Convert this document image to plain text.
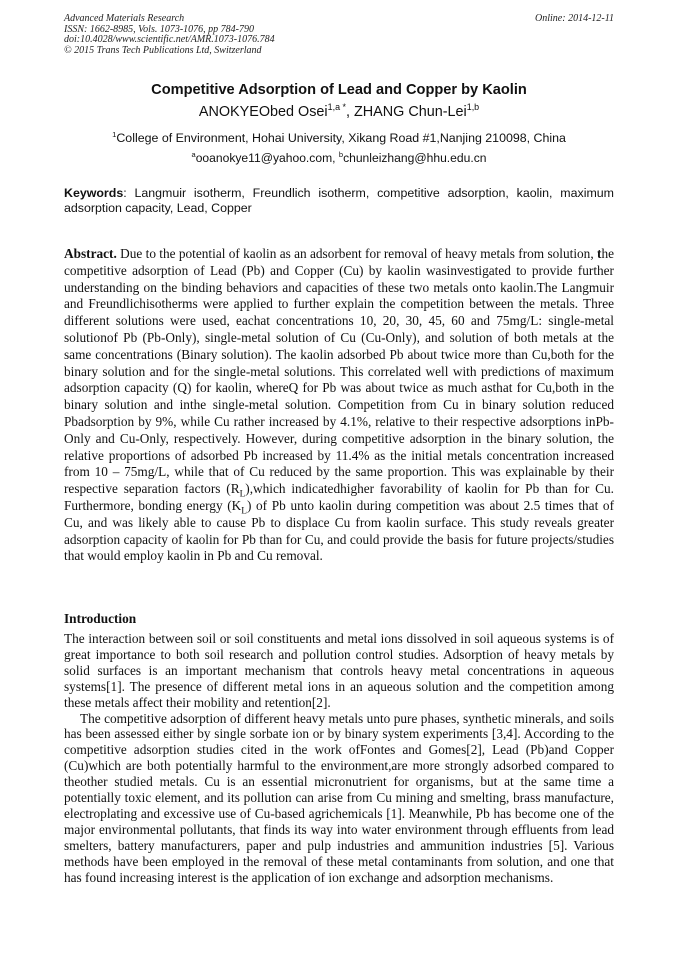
Advanced Materials Research
ISSN: 1662-8985, Vols. 1073-1076, pp 784-790
doi:10.4028/www.scientific.net/AMR.1073-1076.784
© 2015 Trans Tech Publications Ltd, Switzerland
Online: 2014-12-11
Competitive Adsorption of Lead and Copper by Kaolin
ANOKYEObed Osei$^{1,a *}$, ZHANG Chun-Lei$^{1,b}$
$^1$College of Environment, Hohai University, Xikang Road #1,Nanjing 210098, China
$^a$ooanokye11@yahoo.com, $^b$chunleizhang@hhu.edu.cn
Keywords: Langmuir isotherm, Freundlich isotherm, competitive adsorption, kaolin, maximum adsorption capacity, Lead, Copper
Abstract. Due to the potential of kaolin as an adsorbent for removal of heavy metals from solution, the competitive adsorption of Lead (Pb) and Copper (Cu) by kaolin wasinvestigated to provide further understanding on the binding behaviors and capacities of these two metals onto kaolin.The Langmuir and Freundlichisotherms were applied to further explain the competition between the metals. Three different solutions were used, eachat concentrations 10, 20, 30, 45, 60 and 75mg/L: single-metal solutionof Pb (Pb-Only), single-metal solution of Cu (Cu-Only), and solution of both metals at the same concentrations (Binary solution). The kaolin adsorbed Pb about twice more than Cu,both for the binary solution and for the single-metal solutions. This correlated well with predictions of maximum adsorption capacity (Q) for kaolin, whereQ for Pb was about twice as much asthat for Cu,both in the binary solution and inthe single-metal solution. Competition from Cu in binary solution reduced Pbadsorption by 9%, while Cu rather increased by 4.1%, relative to their respective adsorptions inPb-Only and Cu-Only, respectively. However, during competitive adsorption in the binary solution, the relative proportions of adsorbed Pb increased by 11.4% as the initial metals concentration increased from 10 – 75mg/L, while that of Cu reduced by the same proportion. This was explainable by their respective separation factors $(R_L),which$ indicatedhigher favorability of kaolin for Pb than for Cu. Furthermore, bonding energy $(K_L)$ of Pb unto kaolin during competition was about 2.5 times that of Cu, and was likely able to cause Pb to displace Cu from kaolin surface. This study reveals greater adsorption capacity of kaolin for Pb than for Cu, and could provide the basis for future projects/studies that would employ kaolin in Pb and Cu removal.
Introduction

The interaction between soil or soil constituents and metal ions dissolved in soil aqueous systems is of great importance to both soil research and pollution control studies. Adsorption of heavy metals by solid surfaces is an important mechanism that controls heavy metal concentrations in aqueous systems[1]. The presence of different metal ions in an aqueous solution and the competition among these metals affect their mobility and retention[2].

The competitive adsorption of different heavy metals unto pure phases, synthetic minerals, and soils has been assessed either by single sorbate ion or by binary system experiments [3,4]. According to the competitive adsorption studies cited in the work ofFontes and Gomes[2], Lead (Pb)and Copper (Cu)which are both potentially harmful to the environment,are more strongly adsorbed compared to theother studied metals. Cu is an essential micronutrient for organisms, but at the same time a potentially toxic element, and its pollution can arise from Cu mining and smelting, brass manufacture, electroplating and excessive use of Cu-based agrichemicals [1]. Meanwhile, Pb has become one of the major environmental pollutants, that finds its way into water environment through effluents from lead smelters, battery manufacturers, paper and pulp industries and ammunition industries [5]. Various methods have been employed in the removal of these metal contaminants from solution, and one that has found increasing interest is the application of ion exchange and adsorption mechanisms.
